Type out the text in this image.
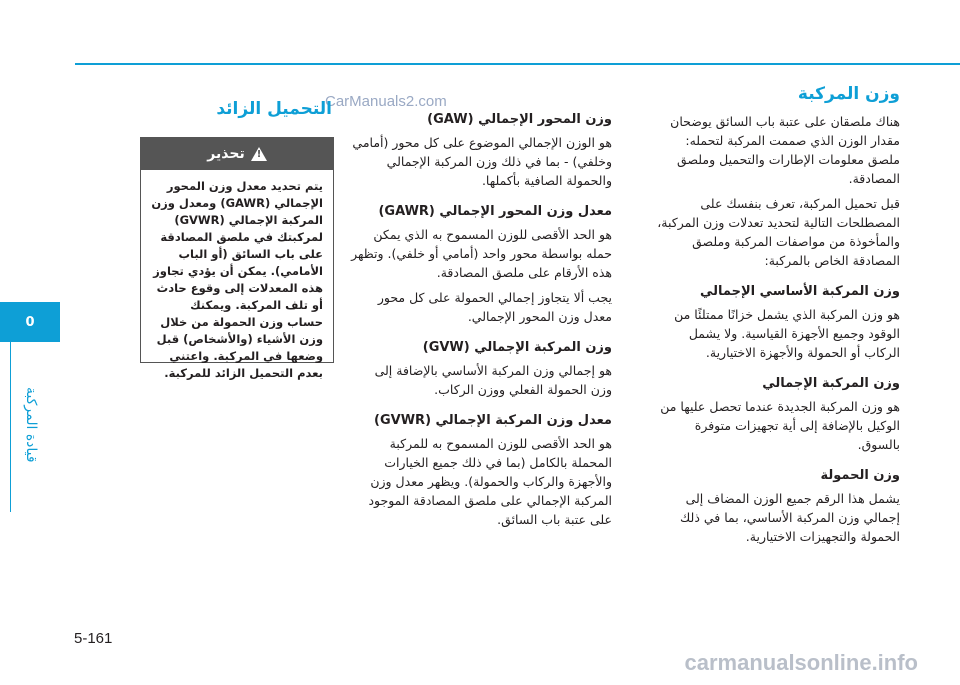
0
قيادة المركبة
CarManuals2.com	وزن المركبة

هناك ملصقان على عتبة باب السائق يوضحان مقدار الوزن الذي صممت المركبة لتحمله: ملصق معلومات الإطارات والتحميل وملصق المصادقة.

قبل تحميل المركبة، تعرف بنفسك على المصطلحات التالية لتحديد تعدلات وزن المركبة، والمأخوذة من مواصفات المركبة وملصق المصادقة الخاص بالمركبة:

وزن المركبة الأساسي الإجمالي

هو وزن المركبة الذي يشمل خزانًا ممتلئًا من الوقود وجميع الأجهزة القياسية. ولا يشمل الركاب أو الحمولة والأجهزة الاختيارية.

وزن المركبة الإجمالي

هو وزن المركبة الجديدة عندما تحصل عليها من الوكيل بالإضافة إلى أية تجهيزات متوفرة بالسوق.

وزن الحمولة

يشمل هذا الرقم جميع الوزن المضاف إلى إجمالي وزن المركبة الأساسي، بما في ذلك الحمولة والتجهيزات الاختيارية.

وزن المحور الإجمالي (GAW)

هو الوزن الإجمالي الموضوع على كل محور (أمامي وخلفي) - بما في ذلك وزن المركبة الإجمالي والحمولة الصافية بأكملها.

معدل وزن المحور الإجمالي (GAWR)

هو الحد الأقصى للوزن المسموح به الذي يمكن حمله بواسطة محور واحد (أمامي أو خلفي). وتظهر هذه الأرقام على ملصق المصادقة.

يجب ألا يتجاوز إجمالي الحمولة على كل محور معدل وزن المحور الإجمالي.

وزن المركبة الإجمالي (GVW)

هو إجمالي وزن المركبة الأساسي بالإضافة إلى وزن الحمولة الفعلي ووزن الركاب.

معدل وزن المركبة الإجمالي (GVWR)

هو الحد الأقصى للوزن المسموح به للمركبة المحملة بالكامل (بما في ذلك جميع الخيارات والأجهزة والركاب والحمولة). ويظهر معدل وزن المركبة الإجمالي على ملصق المصادقة الموجود على عتبة باب السائق.

التحميل الزائد
!
تحذير
يتم تحديد معدل وزن المحور الإجمالي (GAWR) ومعدل وزن المركبة الإجمالي (GVWR) لمركبتك في ملصق المصادقة على باب السائق (أو الباب الأمامي). يمكن أن يؤدي تجاوز هذه المعدلات إلى وقوع حادث أو تلف المركبة. ويمكنك حساب وزن الحمولة من خلال وزن الأشياء (والأشخاص) قبل وضعها في المركبة. واعتني بعدم التحميل الزائد للمركبة.
5-161
carmanualsonline.info
